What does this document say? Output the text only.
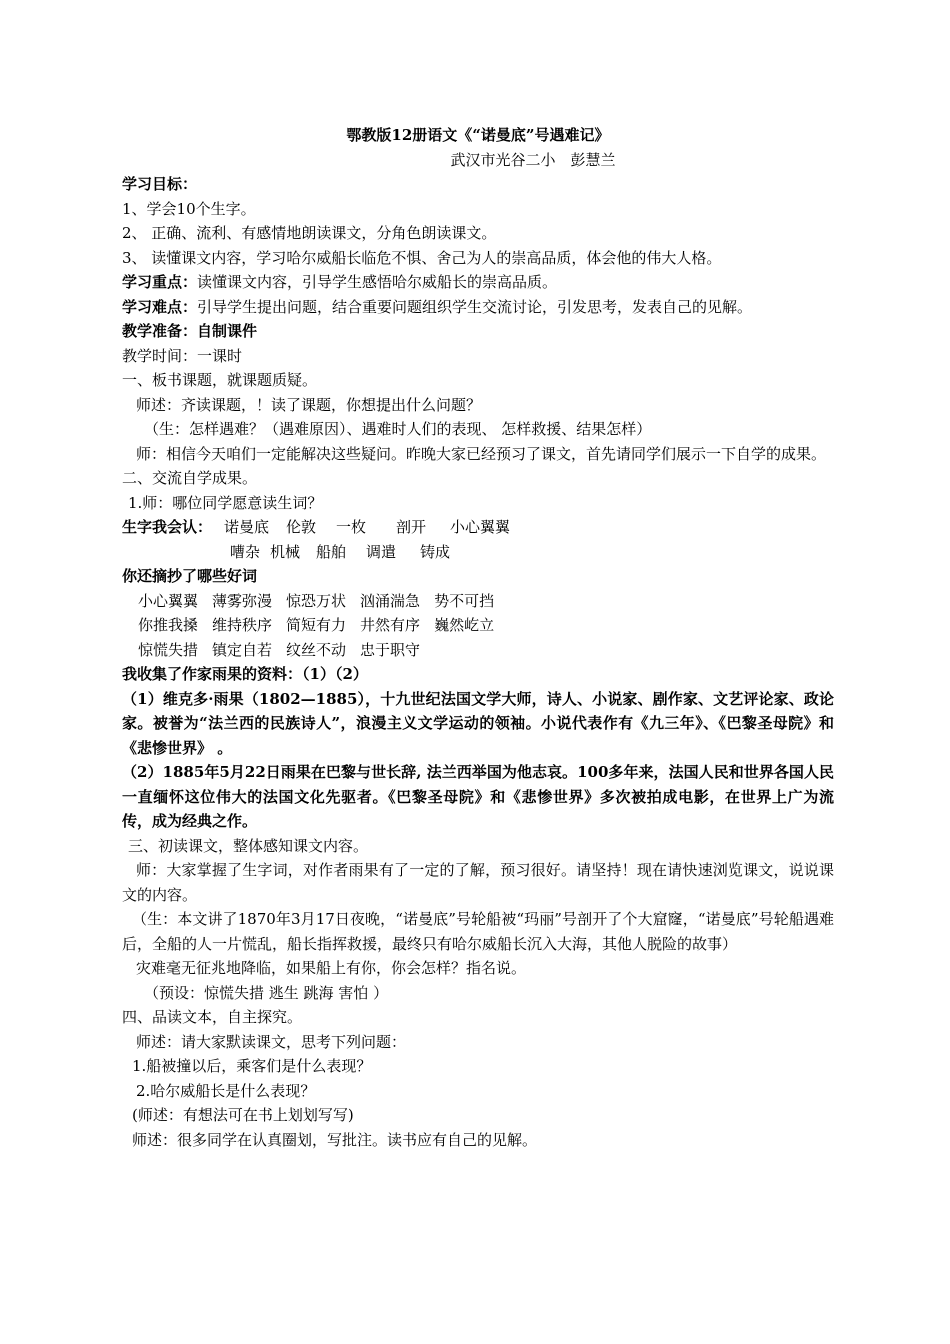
鄂教版12册语文《“诺曼底”号遇难记》
武汉市光谷二小　彭慧兰
学习目标：
1、学会10个生字。
2、 正确、流利、有感情地朗读课文，分角色朗读课文。
3、 读懂课文内容，学习哈尔威船长临危不惧、舍己为人的崇高品质，体会他的伟大人格。
学习重点：读懂课文内容，引导学生感悟哈尔威船长的崇高品质。
学习难点：引导学生提出问题，结合重要问题组织学生交流讨论，引发思考，发表自己的见解。
教学准备：自制课件
教学时间：一课时
一、板书课题，就课题质疑。
师述：齐读课题，！读了课题，你想提出什么问题？
（生：怎样遇难？（遇难原因）、遇难时人们的表现、 怎样救援、结果怎样）
师：相信今天咱们一定能解决这些疑问。昨晚大家已经预习了课文，首先请同学们展示一下自学的成果。
二、交流自学成果。
1.师：哪位同学愿意读生词？
生字我会认： 诺曼底	伦敦	一枚	剖开	小心翼翼
嘈杂 机械	船舶	调遣	铸成
你还摘抄了哪些好词
小心翼翼 薄雾弥漫 惊恐万状 汹涌湍急 势不可挡
你推我搡 维持秩序 简短有力 井然有序 巍然屹立
惊慌失措 镇定自若 纹丝不动 忠于职守
我收集了作家雨果的资料：（1）（2）
（1）维克多·雨果（1802—1885），十九世纪法国文学大师，诗人、小说家、剧作家、文艺评论家、政论家。被誉为“法兰西的民族诗人”，浪漫主义文学运动的领袖。小说代表作有《九三年》、《巴黎圣母院》和《悲惨世界》 。
（2）1885年5月22日雨果在巴黎与世长辞, 法兰西举国为他志哀。100多年来，法国人民和世界各国人民一直缅怀这位伟大的法国文化先驱者。《巴黎圣母院》和《悲惨世界》多次被拍成电影，在世界上广为流传，成为经典之作。
三、初读课文，整体感知课文内容。
师：大家掌握了生字词，对作者雨果有了一定的了解，预习很好。请坚持！现在请快速浏览课文，说说课文的内容。
（生：本文讲了1870年3月17日夜晚，“诺曼底”号轮船被“玛丽”号剖开了个大窟窿，“诺曼底”号轮船遇难后，全船的人一片慌乱，船长指挥救援，最终只有哈尔威船长沉入大海，其他人脱险的故事）
灾难毫无征兆地降临，如果船上有你，你会怎样？指名说。
（预设：惊慌失措 逃生 跳海 害怕 ）
四、品读文本，自主探究。
师述：请大家默读课文，思考下列问题：
1.船被撞以后，乘客们是什么表现？
2.哈尔威船长是什么表现？
(师述：有想法可在书上划划写写)
师述：很多同学在认真圈划，写批注。读书应有自己的见解。
